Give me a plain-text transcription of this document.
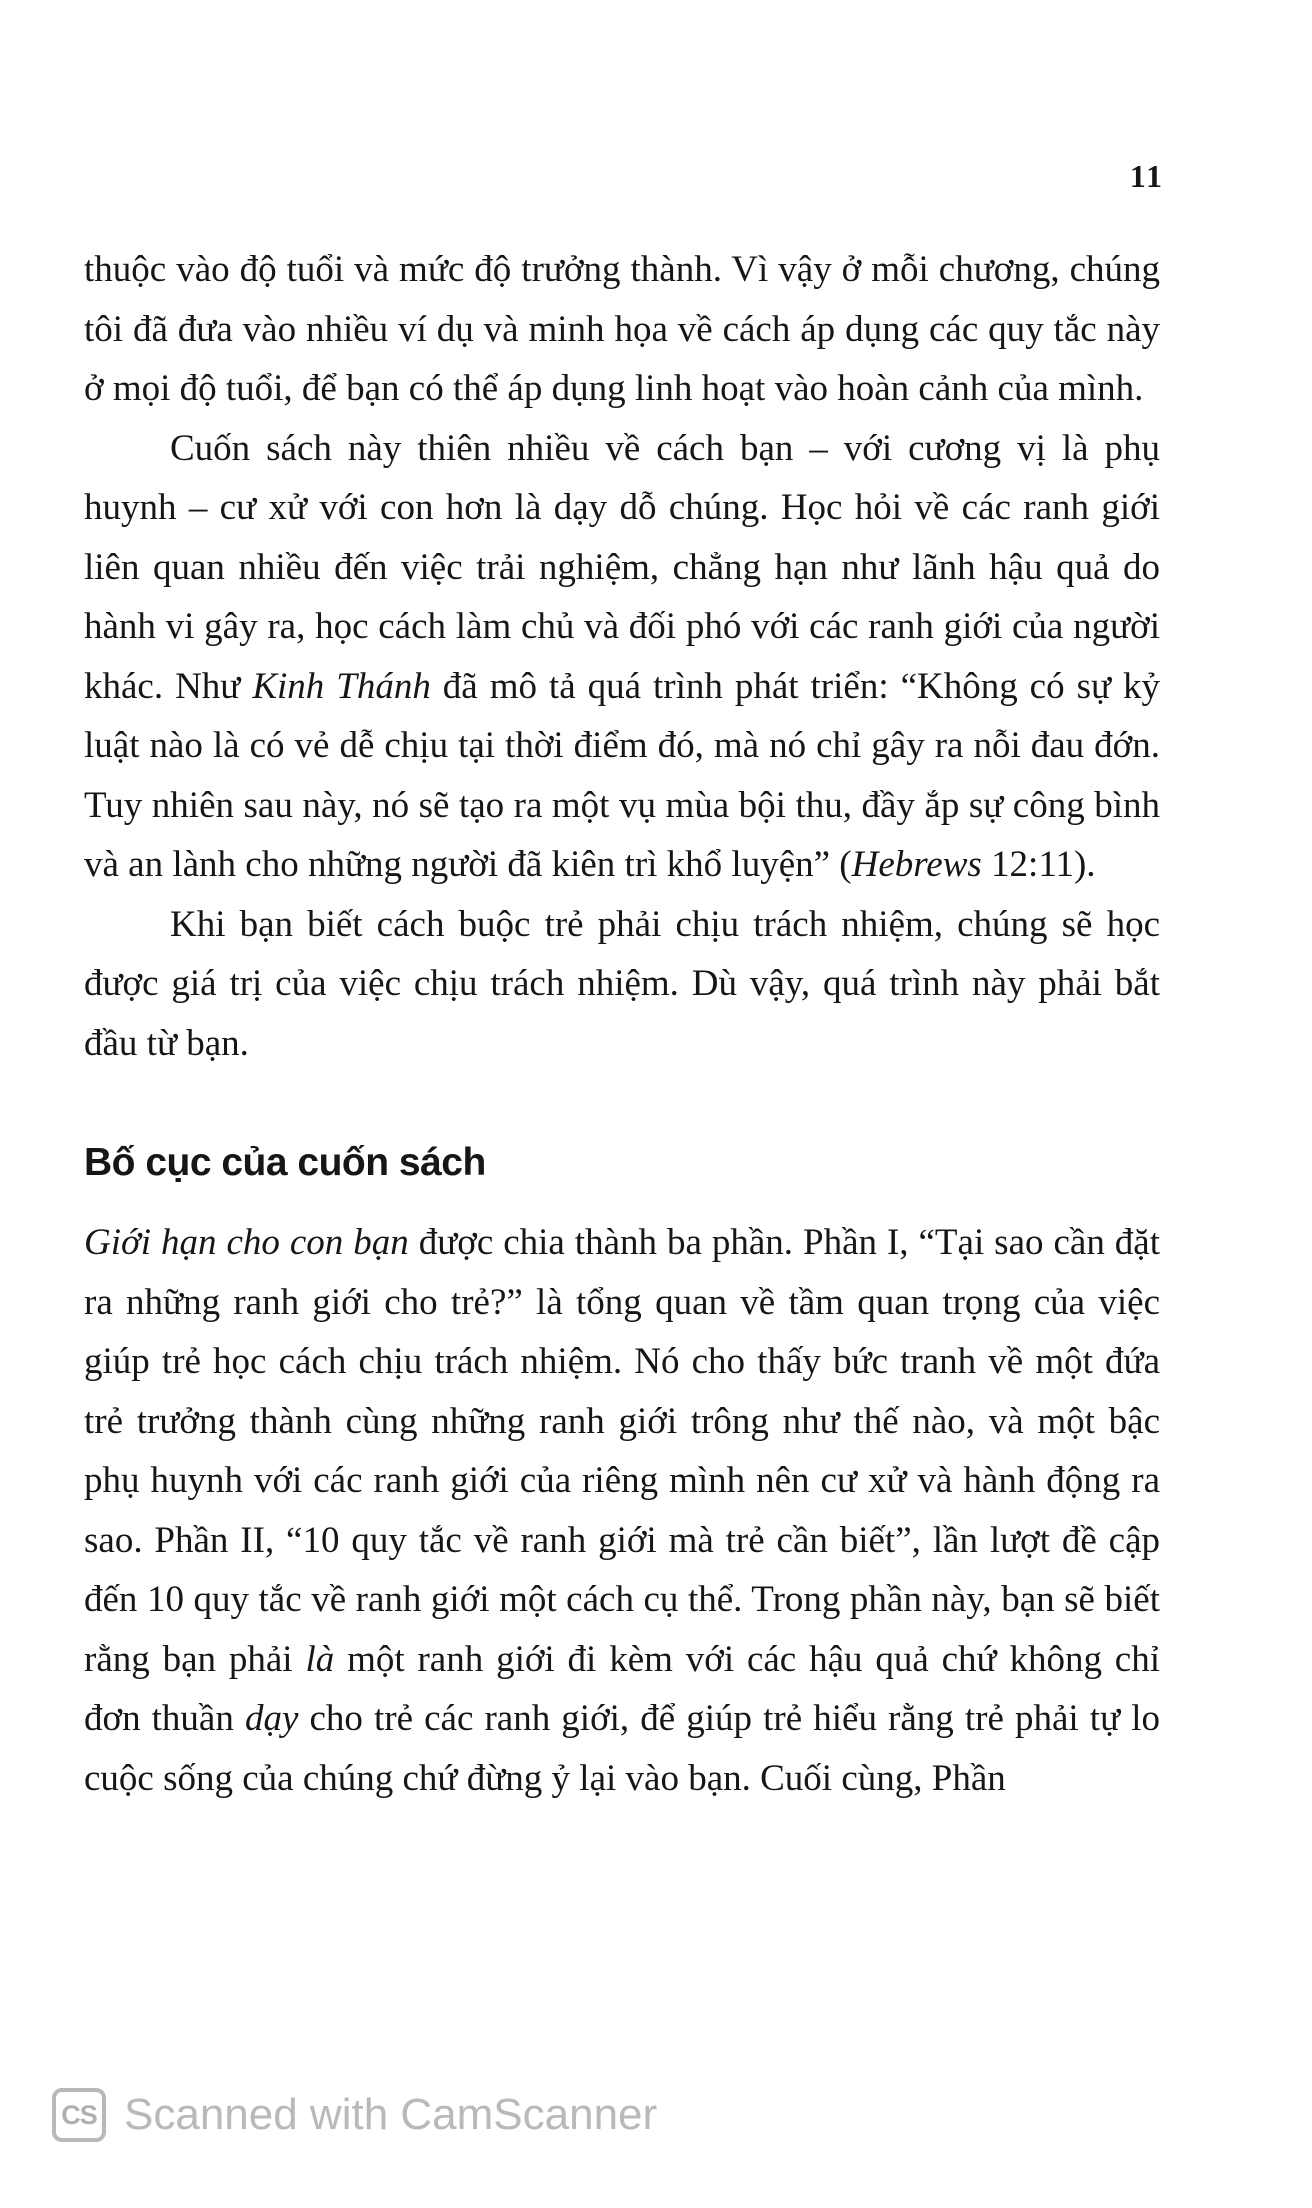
11

thuộc vào độ tuổi và mức độ trưởng thành. Vì vậy ở mỗi chương, chúng tôi đã đưa vào nhiều ví dụ và minh họa về cách áp dụng các quy tắc này ở mọi độ tuổi, để bạn có thể áp dụng linh hoạt vào hoàn cảnh của mình.

Cuốn sách này thiên nhiều về cách bạn – với cương vị là phụ huynh – cư xử với con hơn là dạy dỗ chúng. Học hỏi về các ranh giới liên quan nhiều đến việc trải nghiệm, chẳng hạn như lãnh hậu quả do hành vi gây ra, học cách làm chủ và đối phó với các ranh giới của người khác. Như Kinh Thánh đã mô tả quá trình phát triển: “Không có sự kỷ luật nào là có vẻ dễ chịu tại thời điểm đó, mà nó chỉ gây ra nỗi đau đớn. Tuy nhiên sau này, nó sẽ tạo ra một vụ mùa bội thu, đầy ắp sự công bình và an lành cho những người đã kiên trì khổ luyện” (Hebrews 12:11).

Khi bạn biết cách buộc trẻ phải chịu trách nhiệm, chúng sẽ học được giá trị của việc chịu trách nhiệm. Dù vậy, quá trình này phải bắt đầu từ bạn.

Bố cục của cuốn sách

Giới hạn cho con bạn được chia thành ba phần. Phần I, “Tại sao cần đặt ra những ranh giới cho trẻ?” là tổng quan về tầm quan trọng của việc giúp trẻ học cách chịu trách nhiệm. Nó cho thấy bức tranh về một đứa trẻ trưởng thành cùng những ranh giới trông như thế nào, và một bậc phụ huynh với các ranh giới của riêng mình nên cư xử và hành động ra sao. Phần II, “10 quy tắc về ranh giới mà trẻ cần biết”, lần lượt đề cập đến 10 quy tắc về ranh giới một cách cụ thể. Trong phần này, bạn sẽ biết rằng bạn phải là một ranh giới đi kèm với các hậu quả chứ không chỉ đơn thuần dạy cho trẻ các ranh giới, để giúp trẻ hiểu rằng trẻ phải tự lo cuộc sống của chúng chứ đừng ỷ lại vào bạn. Cuối cùng, Phần

CS Scanned with CamScanner
